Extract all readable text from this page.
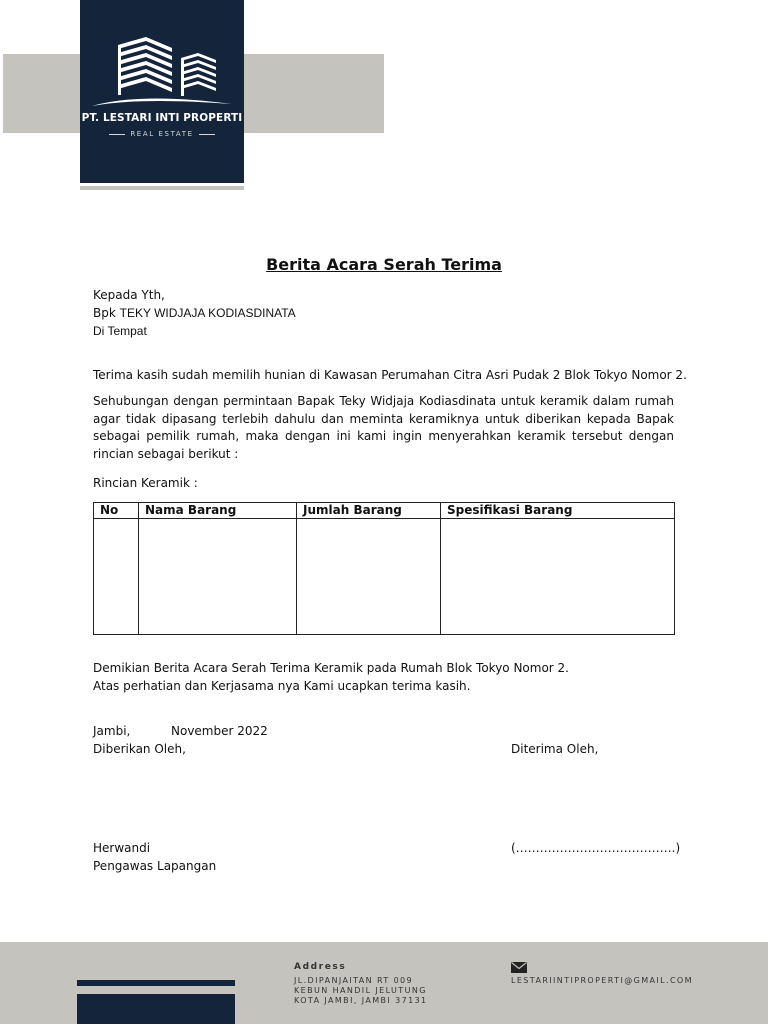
PT. LESTARI INTI PROPERTI
REAL ESTATE
Berita Acara Serah Terima
Kepada Yth,
Bpk TEKY WIDJAJA KODIASDINATA
Di Tempat
Terima kasih sudah memilih hunian di Kawasan Perumahan Citra Asri Pudak 2 Blok Tokyo Nomor 2.
Sehubungan dengan permintaan Bapak Teky Widjaja Kodiasdinata untuk keramik dalam rumah agar tidak dipasang terlebih dahulu dan meminta keramiknya untuk diberikan kepada Bapak sebagai pemilik rumah, maka dengan ini kami ingin menyerahkan keramik tersebut dengan rincian sebagai berikut :
Rincian Keramik :
No	Nama Barang	Jumlah Barang	Spesifikasi Barang

Demikian Berita Acara Serah Terima Keramik pada Rumah Blok Tokyo Nomor 2.
Atas perhatian dan Kerjasama nya Kami ucapkan terima kasih.
Jambi,	November 2022
Diberikan Oleh,	Diterima Oleh,
Herwandi
Pengawas Lapangan
(………………………………….)
Address
JL.DIPANJAITAN RT 009
KEBUN HANDIL JELUTUNG
KOTA JAMBI, JAMBI 37131
LESTARIINTIPROPERTI@GMAIL.COM
